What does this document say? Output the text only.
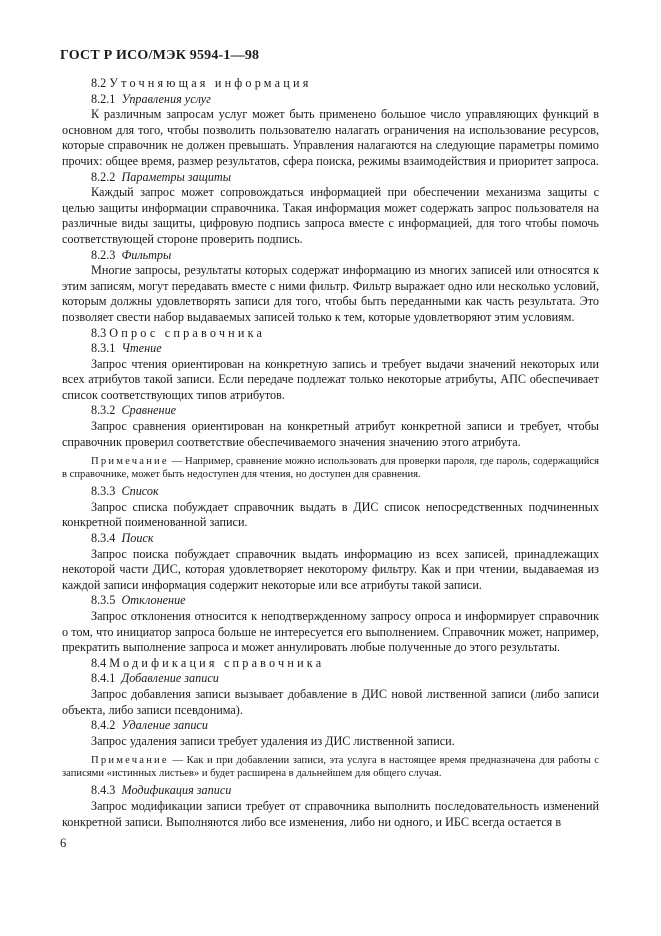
ГОСТ Р ИСО/МЭК 9594-1—98

8.2 Уточняющая информация

8.2.1 Управления услуг

К различным запросам услуг может быть применено большое число управляющих функций в основном для того, чтобы позволить пользователю налагать ограничения на использование ресурсов, которые справочник не должен превышать. Управления налагаются на следующие параметры помимо прочих: общее время, размер результатов, сфера поиска, режимы взаимодействия и приоритет запроса.

8.2.2 Параметры защиты

Каждый запрос может сопровождаться информацией при обеспечении механизма защиты с целью защиты информации справочника. Такая информация может содержать запрос пользователя на различные виды защиты, цифровую подпись запроса вместе с информацией, для того чтобы помочь соответствующей стороне проверить подпись.

8.2.3 Фильтры

Многие запросы, результаты которых содержат информацию из многих записей или относятся к этим записям, могут передавать вместе с ними фильтр. Фильтр выражает одно или несколько условий, которым должны удовлетворять записи для того, чтобы быть переданными как часть результата. Это позволяет свести набор выдаваемых записей только к тем, которые удовлетворяют этим условиям.

8.3 Опрос справочника

8.3.1 Чтение

Запрос чтения ориентирован на конкретную запись и требует выдачи значений некоторых или всех атрибутов такой записи. Если передаче подлежат только некоторые атрибуты, АПС обеспечивает список соответствующих типов атрибутов.

8.3.2 Сравнение

Запрос сравнения ориентирован на конкретный атрибут конкретной записи и требует, чтобы справочник проверил соответствие обеспечиваемого значения значению этого атрибута.

Примечание — Например, сравнение можно использовать для проверки пароля, где пароль, содержащийся в справочнике, может быть недоступен для чтения, но доступен для сравнения.

8.3.3 Список

Запрос списка побуждает справочник выдать в ДИС список непосредственных подчиненных конкретной поименованной записи.

8.3.4 Поиск

Запрос поиска побуждает справочник выдать информацию из всех записей, принадлежащих некоторой части ДИС, которая удовлетворяет некоторому фильтру. Как и при чтении, выдаваемая из каждой записи информация содержит некоторые или все атрибуты такой записи.

8.3.5 Отклонение

Запрос отклонения относится к неподтвержденному запросу опроса и информирует справочник о том, что инициатор запроса больше не интересуется его выполнением. Справочник может, например, прекратить выполнение запроса и может аннулировать любые полученные до этого результаты.

8.4 Модификация справочника

8.4.1 Добавление записи

Запрос добавления записи вызывает добавление в ДИС новой лиственной записи (либо записи объекта, либо записи псевдонима).

8.4.2 Удаление записи

Запрос удаления записи требует удаления из ДИС лиственной записи.

Примечание — Как и при добавлении записи, эта услуга в настоящее время предназначена для работы с записями «истинных листьев» и будет расширена в дальнейшем для общего случая.

8.4.3 Модификация записи

Запрос модификации записи требует от справочника выполнить последовательность изменений конкретной записи. Выполняются либо все изменения, либо ни одного, и ИБС всегда остается в

6
